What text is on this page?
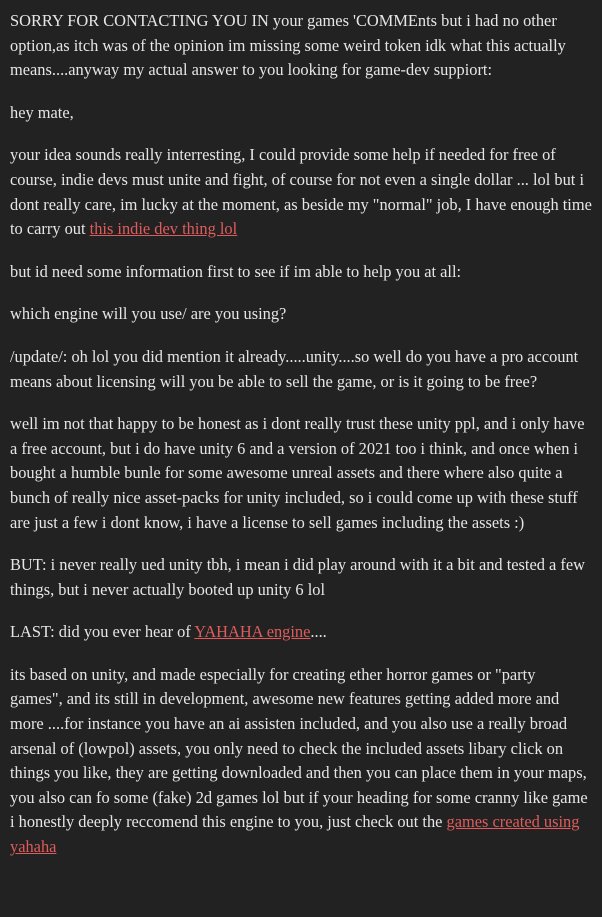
SORRY FOR CONTACTING YOU IN your games 'COMMEnts but i had no other option,as itch was of the opinion im missing some weird token idk what this actually means....anyway my actual answer to you looking for game-dev suppiort:

hey mate,

your idea sounds really interresting, I could provide some help if needed for free of course, indie devs must unite and fight, of course for not even a single dollar ... lol but i dont really care, im lucky at the moment, as beside my "normal" job, I have enough time to carry out this indie dev thing lol

but id need some information first to see if im able to help you at all:

which engine will you use/ are you using?

/update/: oh lol you did mention it already.....unity....so well do you have a pro account means about licensing will you be able to sell the game, or is it going to be free?

well im not that happy to be honest as i dont really trust these unity ppl, and i only have a free account, but i do have unity 6 and a version of 2021 too i think, and once when i bought a humble bunle for some awesome unreal assets and there where also quite a bunch of really nice asset-packs for unity included, so i could come up with these stuff are just a few i dont know, i have a license to sell games including the assets :)

BUT: i never really ued unity tbh, i mean i did play around with it a bit and tested a few things, but i never actually booted up unity 6 lol

LAST: did you ever hear of YAHAHA engine....

its based on unity, and made especially for creating ether horror games or "party games", and its still in development, awesome new features getting added more and more ....for instance you have an ai assisten included, and you also use a really broad arsenal of (lowpol) assets, you only need to check the included assets libary click on things you like, they are getting downloaded and then you can place them in your maps, you also can fo some (fake) 2d games lol but if your heading for some cranny like game i honestly deeply reccomend this engine to you, just check out the games created using yahaha
